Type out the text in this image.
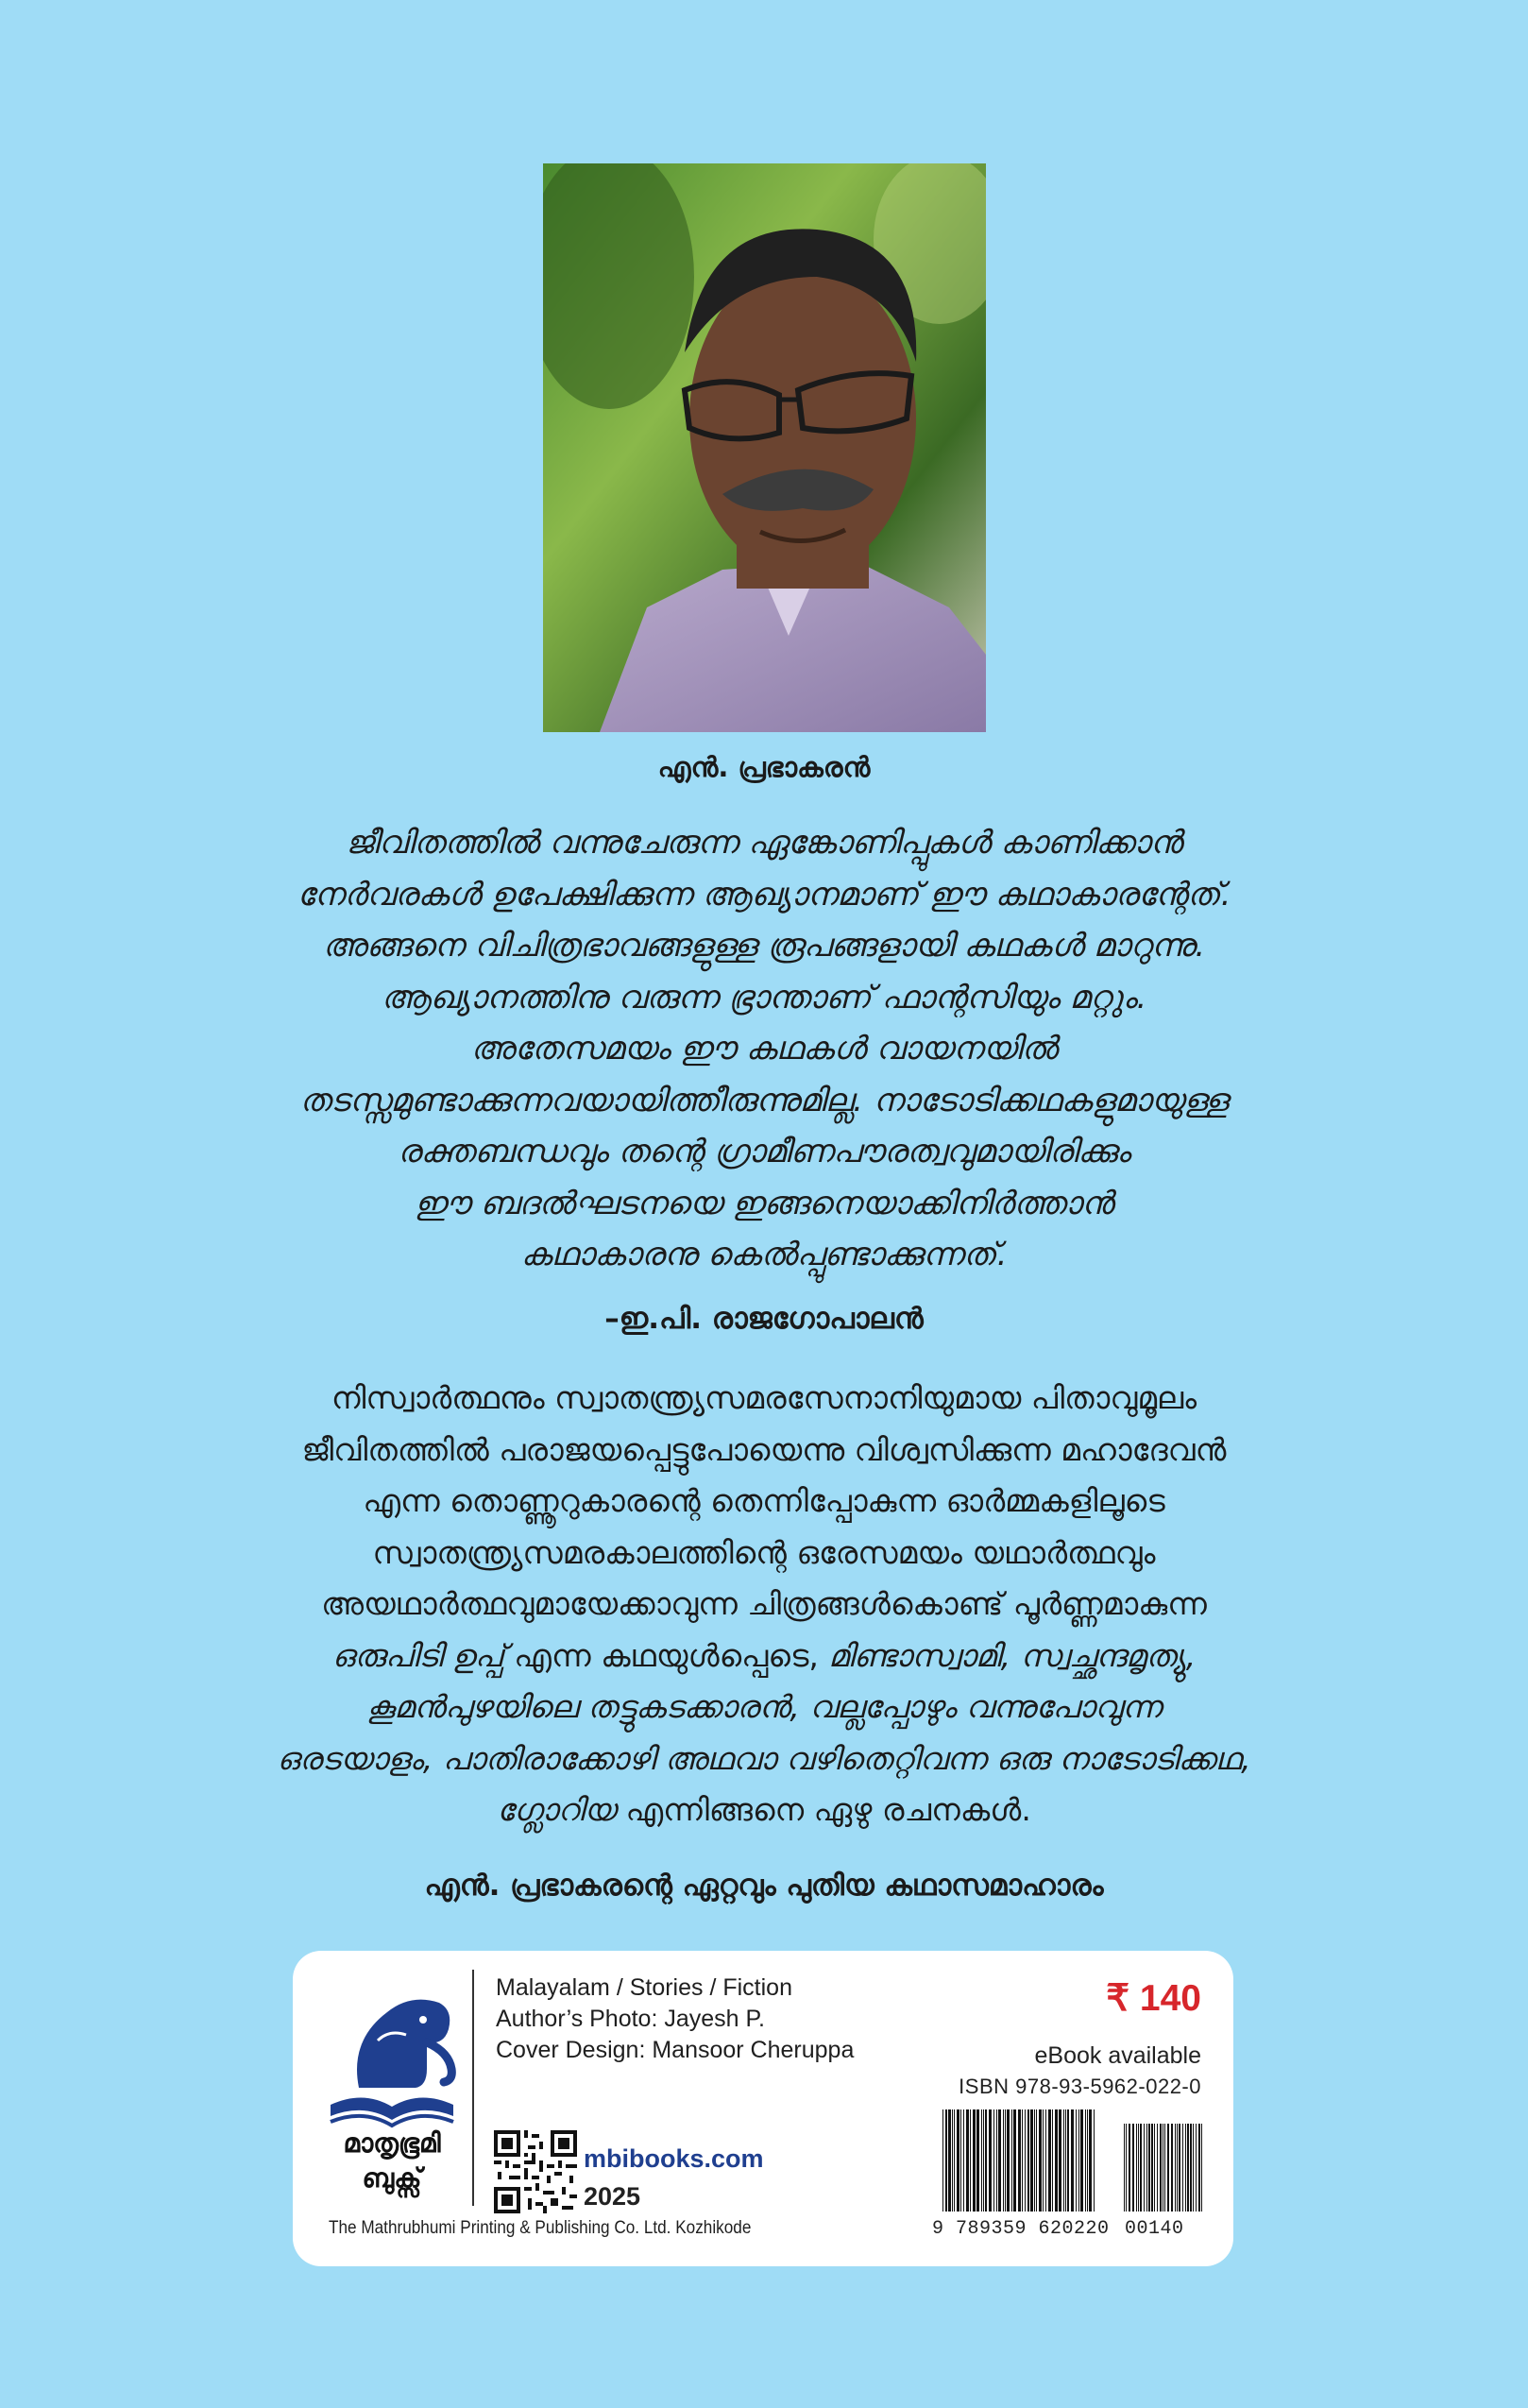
എൻ. പ്രഭാകരൻ
ജീവിതത്തിൽ വന്നുചേരുന്ന ഏങ്കോണിപ്പുകൾ കാണിക്കാൻ
നേർവരകൾ ഉപേക്ഷിക്കുന്ന ആഖ്യാനമാണ് ഈ കഥാകാരന്റേത്.
അങ്ങനെ വിചിത്രഭാവങ്ങളുള്ള രൂപങ്ങളായി കഥകൾ മാറുന്നു.
ആഖ്യാനത്തിനു വരുന്ന ഭ്രാന്താണ് ഫാന്റസിയും മറ്റും.
അതേസമയം ഈ കഥകൾ വായനയിൽ
തടസ്സമുണ്ടാക്കുന്നവയായിത്തീരുന്നുമില്ല. നാടോടിക്കഥകളുമായുള്ള
രക്തബന്ധവും തന്റെ ഗ്രാമീണപൗരത്വവുമായിരിക്കും
ഈ ബദൽഘടനയെ ഇങ്ങനെയാക്കിനിർത്താൻ
കഥാകാരനു കെൽപ്പുണ്ടാക്കുന്നത്.
–ഇ.പി. രാജഗോപാലൻ
നിസ്വാർത്ഥനും സ്വാതന്ത്ര്യസമരസേനാനിയുമായ പിതാവുമൂലം
ജീവിതത്തിൽ പരാജയപ്പെട്ടുപോയെന്നു വിശ്വസിക്കുന്ന മഹാദേവൻ
എന്ന തൊണ്ണൂറുകാരന്റെ തെന്നിപ്പോകുന്ന ഓർമ്മകളിലൂടെ
സ്വാതന്ത്ര്യസമരകാലത്തിന്റെ ഒരേസമയം യഥാർത്ഥവും
അയഥാർത്ഥവുമായേക്കാവുന്ന ചിത്രങ്ങൾകൊണ്ട് പൂർണ്ണമാകുന്ന
ഒരുപിടി ഉപ്പ് എന്ന കഥയുൾപ്പെടെ, മിണ്ടാസ്വാമി, സ്വച്ഛന്ദമൃത്യു,
കൂമൻപുഴയിലെ തട്ടുകടക്കാരൻ, വല്ലപ്പോഴും വന്നുപോവുന്ന
ഒരടയാളം, പാതിരാക്കോഴി അഥവാ വഴിതെറ്റിവന്ന ഒരു നാടോടിക്കഥ,
ഗ്ലോറിയ എന്നിങ്ങനെ ഏഴു രചനകൾ.
എൻ. പ്രഭാകരന്റെ ഏറ്റവും പുതിയ കഥാസമാഹാരം
മാതൃഭൂമി
ബുക്സ്
The Mathrubhumi Printing & Publishing Co. Ltd. Kozhikode
Malayalam / Stories / Fiction
Author’s Photo: Jayesh P.
Cover Design: Mansoor Cheruppa
mbibooks.com
2025
₹ 140
eBook available
ISBN 978-93-5962-022-0
9 789359 620220 00140
